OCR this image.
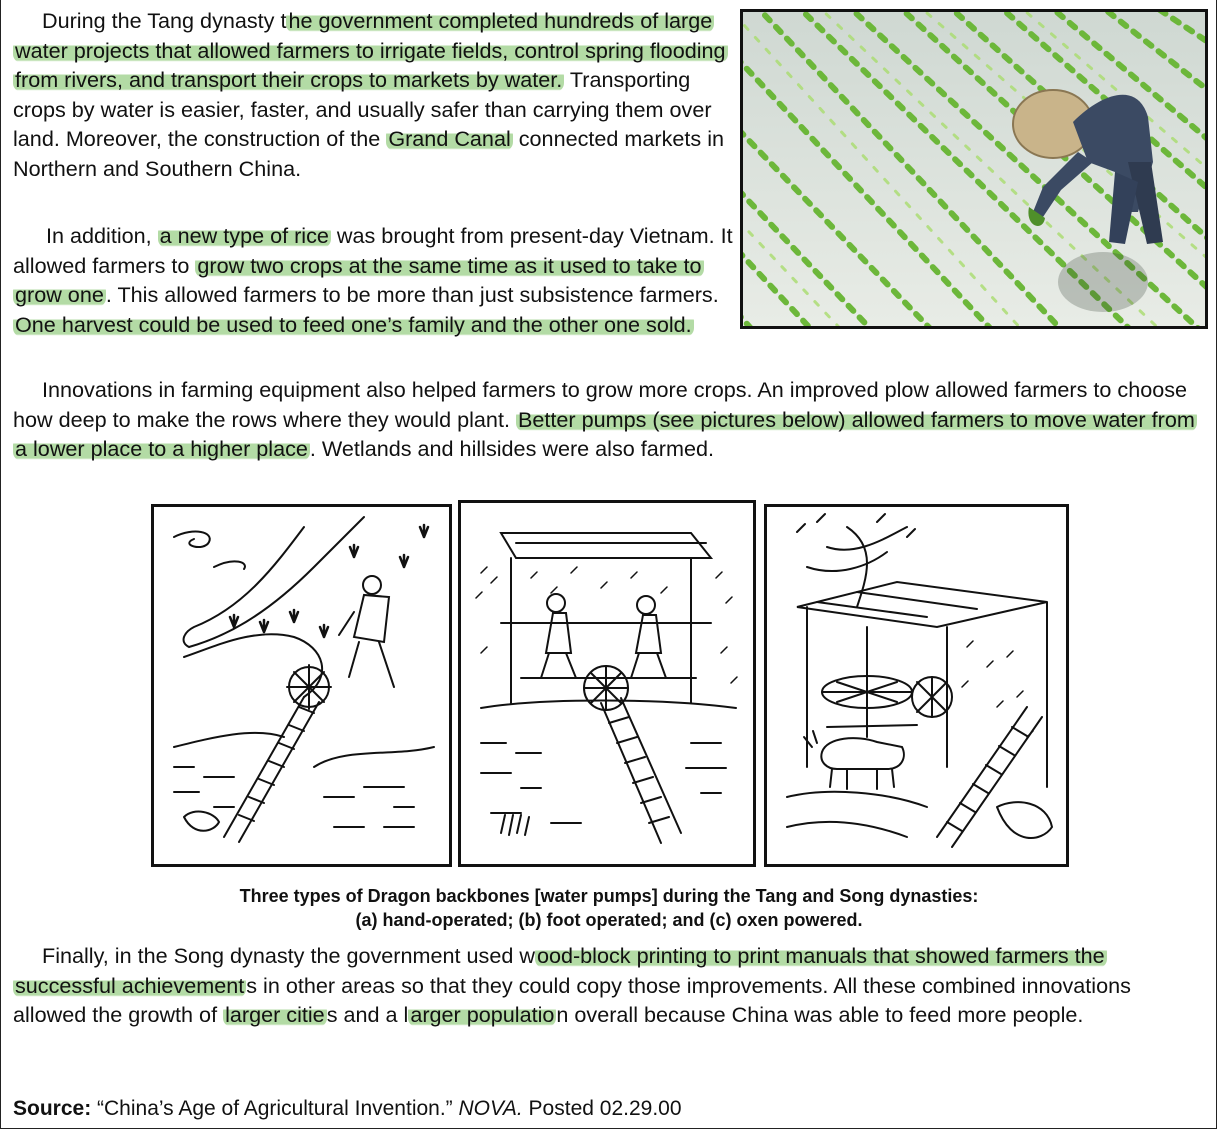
During the Tang dynasty the government completed hundreds of large water projects that allowed farmers to irrigate fields, control spring flooding from rivers, and transport their crops to markets by water. Transporting crops by water is easier, faster, and usually safer than carrying them over land. Moreover, the construction of the Grand Canal connected markets in Northern and Southern China.

In addition, a new type of rice was brought from present-day Vietnam. It allowed farmers to grow two crops at the same time as it used to take to grow one. This allowed farmers to be more than just subsistence farmers. One harvest could be used to feed one’s family and the other one sold.

Innovations in farming equipment also helped farmers to grow more crops. An improved plow allowed farmers to choose how deep to make the rows where they would plant. Better pumps (see pictures below) allowed farmers to move water from a lower place to a higher place. Wetlands and hillsides were also farmed.

Three types of Dragon backbones [water pumps] during the Tang and Song dynasties:
(a) hand-operated; (b) foot operated; and (c) oxen powered.

Finally, in the Song dynasty the government used wood-block printing to print manuals that showed farmers the successful achievements in other areas so that they could copy those improvements. All these combined innovations allowed the growth of larger cities and a larger population overall because China was able to feed more people.

Source: “China’s Age of Agricultural Invention.” NOVA. Posted 02.29.00
